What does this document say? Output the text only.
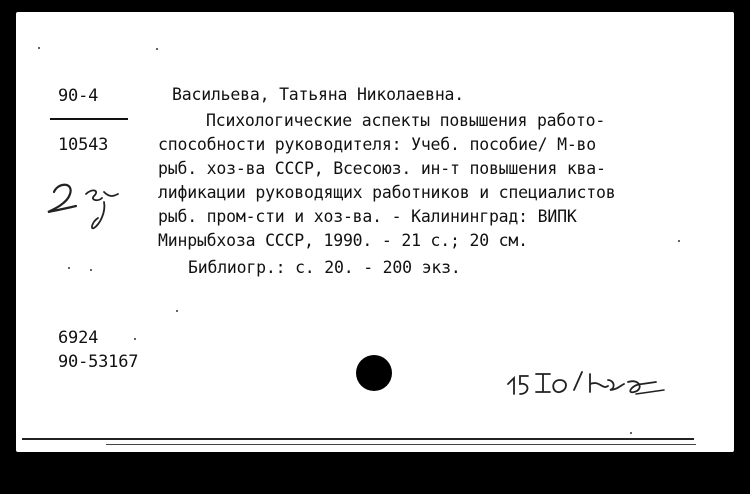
90-4
10543
Васильева, Татьяна Николаевна.
Психологические аспекты повышения работо-
способности руководителя: Учеб. пособие/ М-во
рыб. хоз-ва СССР, Всесоюз. ин-т повышения ква-
лификации руководящих работников и специалистов
рыб. пром-сти и хоз-ва. - Калининград: ВИПК
Минрыбхоза СССР, 1990. - 21 с.; 20 см.
Библиогр.: с. 20. - 200 экз.
6924
90-53167
